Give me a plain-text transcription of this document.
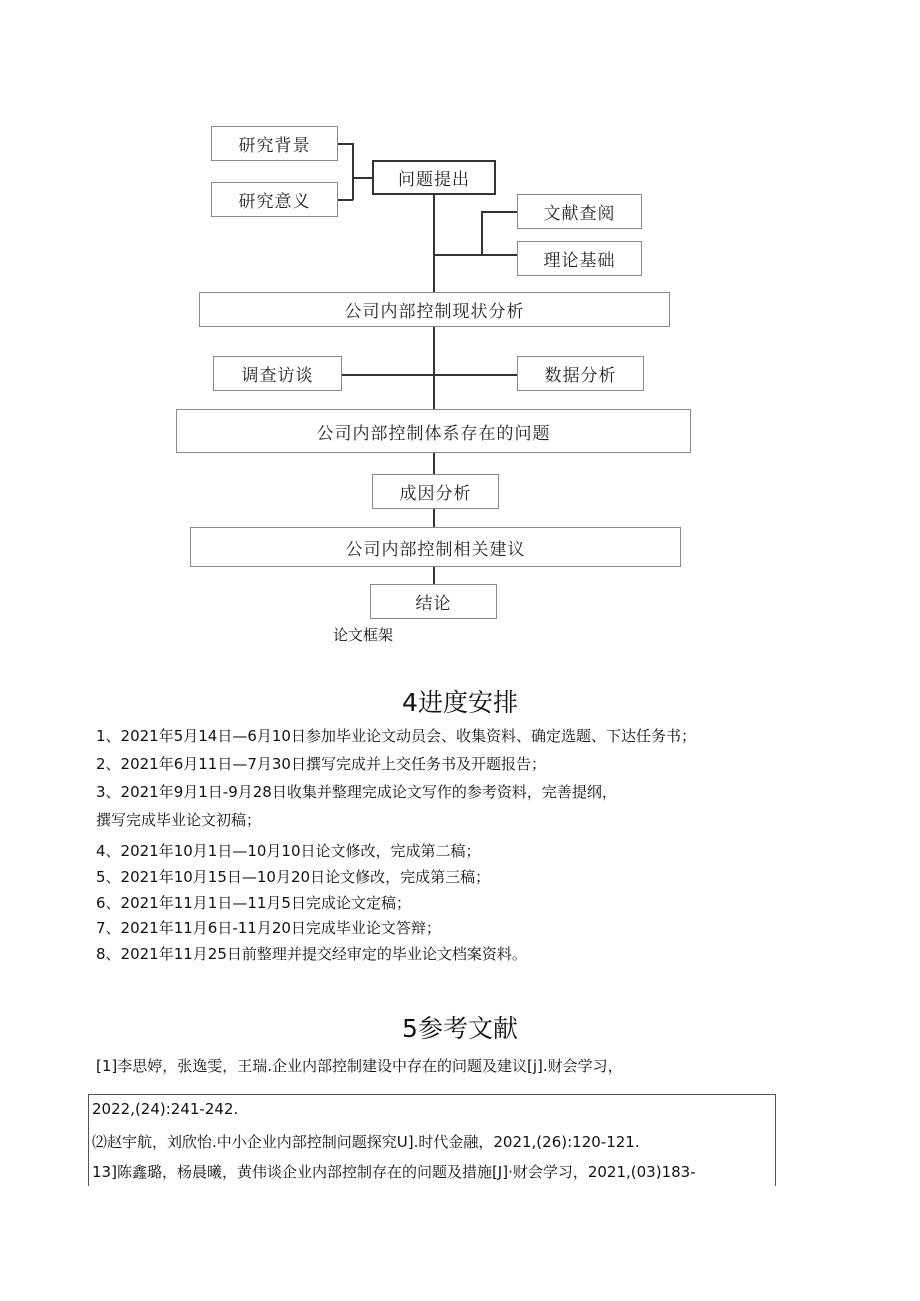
研究背景
研究意义
问题提出
文献查阅
理论基础
公司内部控制现状分析
调查访谈	数据分析
公司内部控制体系存在的问题
成因分析
公司内部控制相关建议
结论
论文框架
4进度安排
1、2021年5月14日—6月10日参加毕业论文动员会、收集资料、确定选题、下达任务书；
2、2021年6月11日—7月30日撰写完成并上交任务书及开题报告；
3、2021年9月1日-9月28日收集并整理完成论文写作的参考资料，完善提纲，
撰写完成毕业论文初稿；
4、2021年10月1日—10月10日论文修改，完成第二稿；
5、2021年10月15日—10月20日论文修改，完成第三稿；
6、2021年11月1日—11月5日完成论文定稿；
7、2021年11月6日-11月20日完成毕业论文答辩；
8、2021年11月25日前整理并提交经审定的毕业论文档案资料。
5参考文献
[1]李思婷，张逸雯，王瑞.企业内部控制建设中存在的问题及建议[j].财会学习，
2022,(24):241-242.
⑵赵宇航，刘欣怡.中小企业内部控制问题探究U].时代金融，2021,(26):120-121.
13]陈鑫璐，杨晨曦，黄伟谈企业内部控制存在的问题及措施[J]·财会学习，2021,(03)183-
